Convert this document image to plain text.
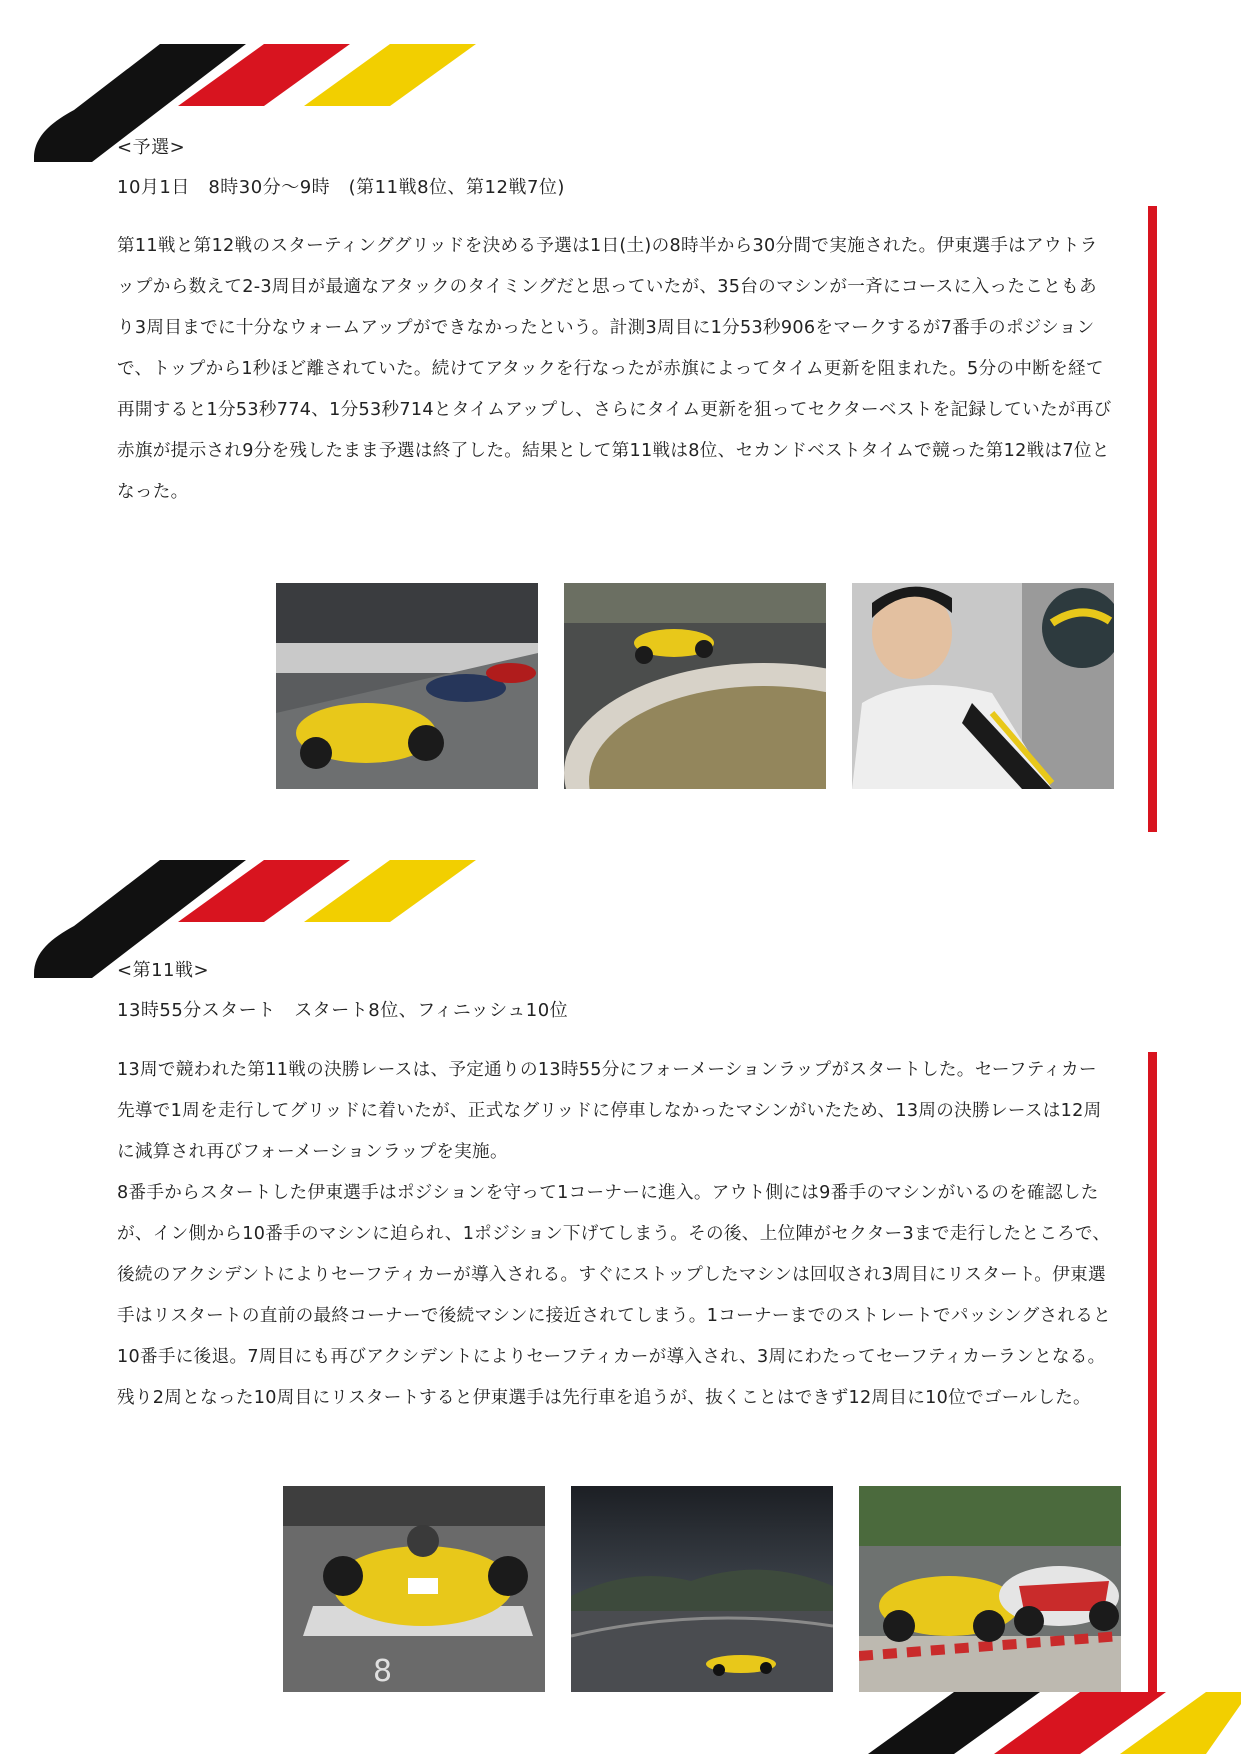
<予選>
10月1日　8時30分～9時　(第11戦8位、第12戦7位)

第11戦と第12戦のスターティンググリッドを決める予選は1日(土)の8時半から30分間で実施された。伊東選手はアウトラップから数えて2-3周目が最適なアタックのタイミングだと思っていたが、35台のマシンが一斉にコースに入ったこともあり3周目までに十分なウォームアップができなかったという。計測3周目に1分53秒906をマークするが7番手のポジションで、トップから1秒ほど離されていた。続けてアタックを行なったが赤旗によってタイム更新を阻まれた。5分の中断を経て再開すると1分53秒774、1分53秒714とタイムアップし、さらにタイム更新を狙ってセクターベストを記録していたが再び赤旗が提示され9分を残したまま予選は終了した。結果として第11戦は8位、セカンドベストタイムで競った第12戦は7位となった。

<第11戦>
13時55分スタート　スタート8位、フィニッシュ10位

13周で競われた第11戦の決勝レースは、予定通りの13時55分にフォーメーションラップがスタートした。セーフティカー先導で1周を走行してグリッドに着いたが、正式なグリッドに停車しなかったマシンがいたため、13周の決勝レースは12周に減算され再びフォーメーションラップを実施。

8番手からスタートした伊東選手はポジションを守って1コーナーに進入。アウト側には9番手のマシンがいるのを確認したが、イン側から10番手のマシンに迫られ、1ポジション下げてしまう。その後、上位陣がセクター3まで走行したところで、後続のアクシデントによりセーフティカーが導入される。すぐにストップしたマシンは回収され3周目にリスタート。伊東選手はリスタートの直前の最終コーナーで後続マシンに接近されてしまう。1コーナーまでのストレートでパッシングされると10番手に後退。7周目にも再びアクシデントによりセーフティカーが導入され、3周にわたってセーフティカーランとなる。残り2周となった10周目にリスタートすると伊東選手は先行車を追うが、抜くことはできず12周目に10位でゴールした。

8
